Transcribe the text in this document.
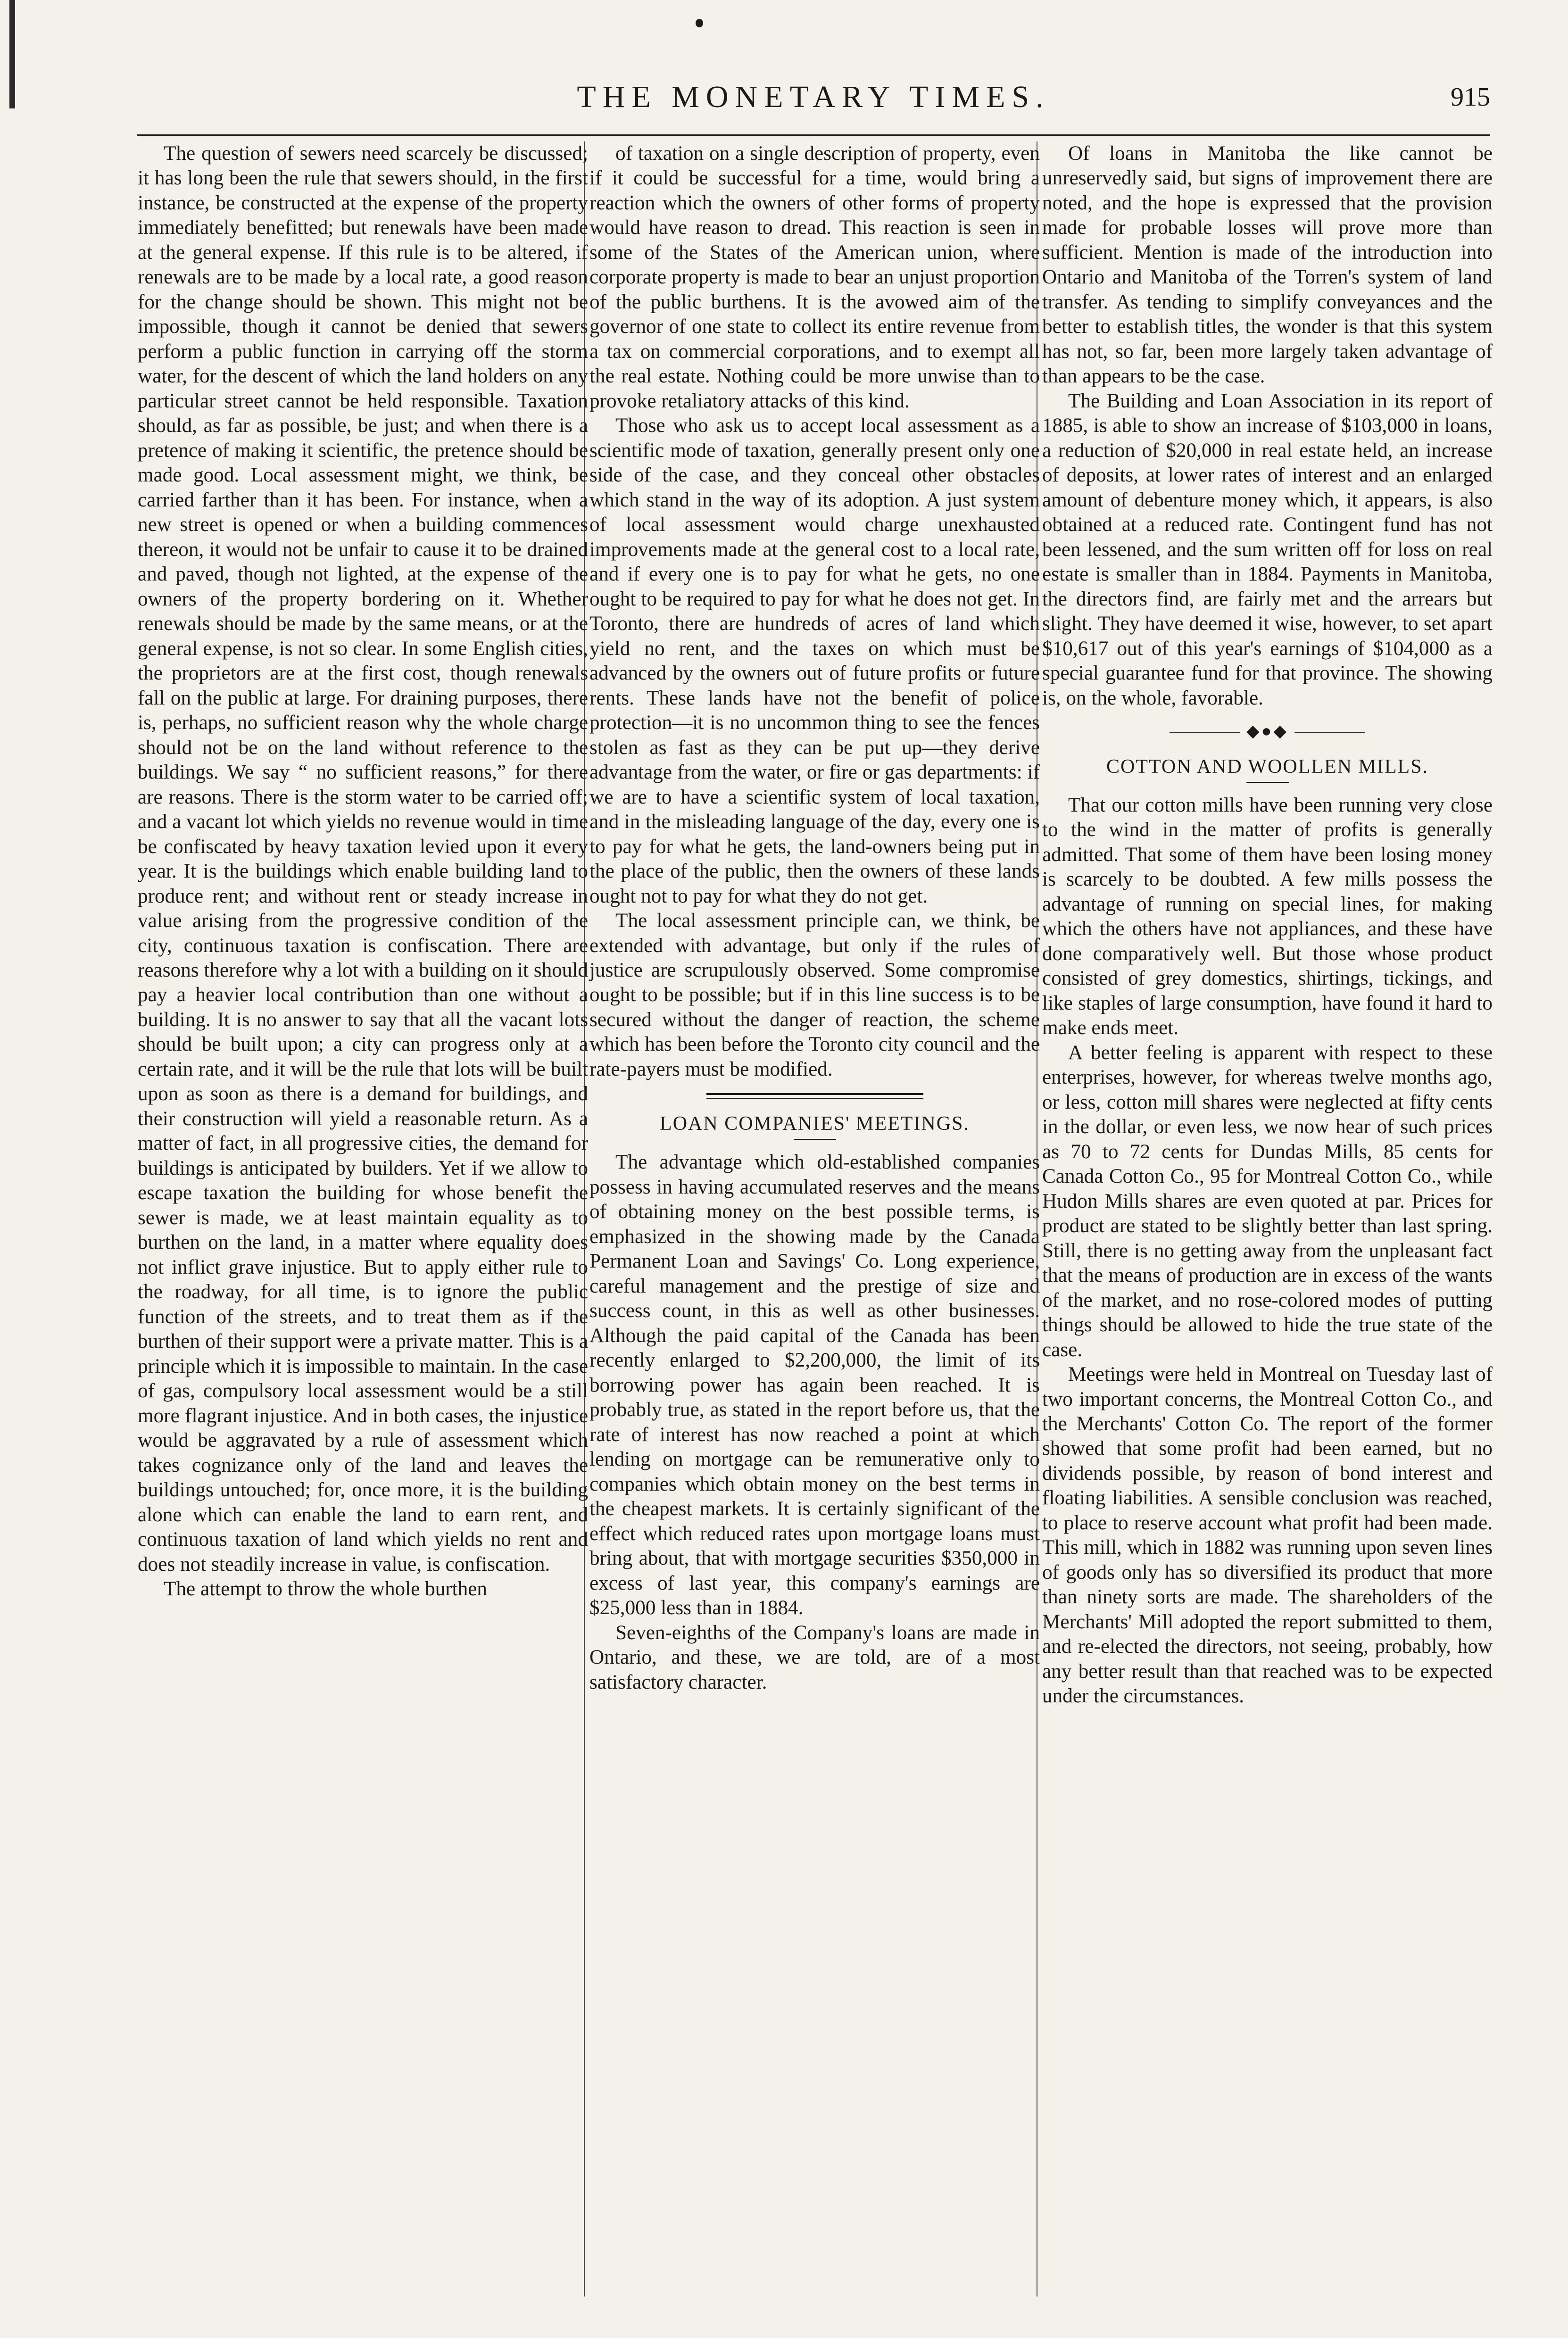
THE MONETARY TIMES.	915

The question of sewers need scarcely be discussed; it has long been the rule that sewers should, in the first instance, be constructed at the expense of the property immediately benefitted; but renewals have been made at the general expense. If this rule is to be altered, if renewals are to be made by a local rate, a good reason for the change should be shown. This might not be impossible, though it cannot be denied that sewers perform a public function in carrying off the storm water, for the descent of which the land holders on any particular street cannot be held responsible. Taxation should, as far as possible, be just; and when there is a pretence of making it scientific, the pretence should be made good. Local assessment might, we think, be carried farther than it has been. For instance, when a new street is opened or when a building commences thereon, it would not be unfair to cause it to be drained and paved, though not lighted, at the expense of the owners of the property bordering on it. Whether renewals should be made by the same means, or at the general expense, is not so clear. In some English cities, the proprietors are at the first cost, though renewals fall on the public at large. For draining purposes, there is, perhaps, no sufficient reason why the whole charge should not be on the land without reference to the buildings. We say “ no sufficient reasons,” for there are reasons. There is the storm water to be carried off; and a vacant lot which yields no revenue would in time be confiscated by heavy taxation levied upon it every year. It is the buildings which enable building land to produce rent; and without rent or steady increase in value arising from the progressive condition of the city, continuous taxation is confiscation. There are reasons therefore why a lot with a building on it should pay a heavier local contribution than one without a building. It is no answer to say that all the vacant lots should be built upon; a city can progress only at a certain rate, and it will be the rule that lots will be built upon as soon as there is a demand for buildings, and their construction will yield a reasonable return. As a matter of fact, in all progressive cities, the demand for buildings is anticipated by builders. Yet if we allow to escape taxation the building for whose benefit the sewer is made, we at least maintain equality as to burthen on the land, in a matter where equality does not inflict grave injustice. But to apply either rule to the roadway, for all time, is to ignore the public function of the streets, and to treat them as if the burthen of their support were a private matter. This is a principle which it is impossible to maintain. In the case of gas, compulsory local assessment would be a still more flagrant injustice. And in both cases, the injustice would be aggravated by a rule of assessment which takes cognizance only of the land and leaves the buildings untouched; for, once more, it is the building alone which can enable the land to earn rent, and continuous taxation of land which yields no rent and does not steadily increase in value, is confiscation.

The attempt to throw the whole burthen

of taxation on a single description of property, even if it could be successful for a time, would bring a reaction which the owners of other forms of property would have reason to dread. This reaction is seen in some of the States of the American union, where corporate property is made to bear an unjust proportion of the public burthens. It is the avowed aim of the governor of one state to collect its entire revenue from a tax on commercial corporations, and to exempt all the real estate. Nothing could be more unwise than to provoke retaliatory attacks of this kind.

Those who ask us to accept local assessment as a scientific mode of taxation, generally present only one side of the case, and they conceal other obstacles which stand in the way of its adoption. A just system of local assessment would charge unexhausted improvements made at the general cost to a local rate, and if every one is to pay for what he gets, no one ought to be required to pay for what he does not get. In Toronto, there are hundreds of acres of land which yield no rent, and the taxes on which must be advanced by the owners out of future profits or future rents. These lands have not the benefit of police protection—it is no uncommon thing to see the fences stolen as fast as they can be put up—they derive advantage from the water, or fire or gas departments: if we are to have a scientific system of local taxation, and in the misleading language of the day, every one is to pay for what he gets, the land-owners being put in the place of the public, then the owners of these lands ought not to pay for what they do not get.

The local assessment principle can, we think, be extended with advantage, but only if the rules of justice are scrupulously observed. Some compromise ought to be possible; but if in this line success is to be secured without the danger of reaction, the scheme which has been before the Toronto city council and the rate-payers must be modified.

LOAN COMPANIES' MEETINGS.

The advantage which old-established companies possess in having accumulated reserves and the means of obtaining money on the best possible terms, is emphasized in the showing made by the Canada Permanent Loan and Savings' Co. Long experience, careful management and the prestige of size and success count, in this as well as other businesses. Although the paid capital of the Canada has been recently enlarged to $2,200,000, the limit of its borrowing power has again been reached. It is probably true, as stated in the report before us, that the rate of interest has now reached a point at which lending on mortgage can be remunerative only to companies which obtain money on the best terms in the cheapest markets. It is certainly significant of the effect which reduced rates upon mortgage loans must bring about, that with mortgage securities $350,000 in excess of last year, this company's earnings are $25,000 less than in 1884.

Seven-eighths of the Company's loans are made in Ontario, and these, we are told, are of a most satisfactory character.

Of loans in Manitoba the like cannot be unreservedly said, but signs of improvement there are noted, and the hope is expressed that the provision made for probable losses will prove more than sufficient. Mention is made of the introduction into Ontario and Manitoba of the Torren's system of land transfer. As tending to simplify conveyances and the better to establish titles, the wonder is that this system has not, so far, been more largely taken advantage of than appears to be the case.

The Building and Loan Association in its report of 1885, is able to show an increase of $103,000 in loans, a reduction of $20,000 in real estate held, an increase of deposits, at lower rates of interest and an enlarged amount of debenture money which, it appears, is also obtained at a reduced rate. Contingent fund has not been lessened, and the sum written off for loss on real estate is smaller than in 1884. Payments in Manitoba, the directors find, are fairly met and the arrears but slight. They have deemed it wise, however, to set apart $10,617 out of this year's earnings of $104,000 as a special guarantee fund for that province. The showing is, on the whole, favorable.

◆●◆
COTTON AND WOOLLEN MILLS.

That our cotton mills have been running very close to the wind in the matter of profits is generally admitted. That some of them have been losing money is scarcely to be doubted. A few mills possess the advantage of running on special lines, for making which the others have not appliances, and these have done comparatively well. But those whose product consisted of grey domestics, shirtings, tickings, and like staples of large consumption, have found it hard to make ends meet.

A better feeling is apparent with respect to these enterprises, however, for whereas twelve months ago, or less, cotton mill shares were neglected at fifty cents in the dollar, or even less, we now hear of such prices as 70 to 72 cents for Dundas Mills, 85 cents for Canada Cotton Co., 95 for Montreal Cotton Co., while Hudon Mills shares are even quoted at par. Prices for product are stated to be slightly better than last spring. Still, there is no getting away from the unpleasant fact that the means of production are in excess of the wants of the market, and no rose-colored modes of putting things should be allowed to hide the true state of the case.

Meetings were held in Montreal on Tuesday last of two important concerns, the Montreal Cotton Co., and the Merchants' Cotton Co. The report of the former showed that some profit had been earned, but no dividends possible, by reason of bond interest and floating liabilities. A sensible conclusion was reached, to place to reserve account what profit had been made. This mill, which in 1882 was running upon seven lines of goods only has so diversified its product that more than ninety sorts are made. The shareholders of the Merchants' Mill adopted the report submitted to them, and re-elected the directors, not seeing, probably, how any better result than that reached was to be expected under the circumstances.
